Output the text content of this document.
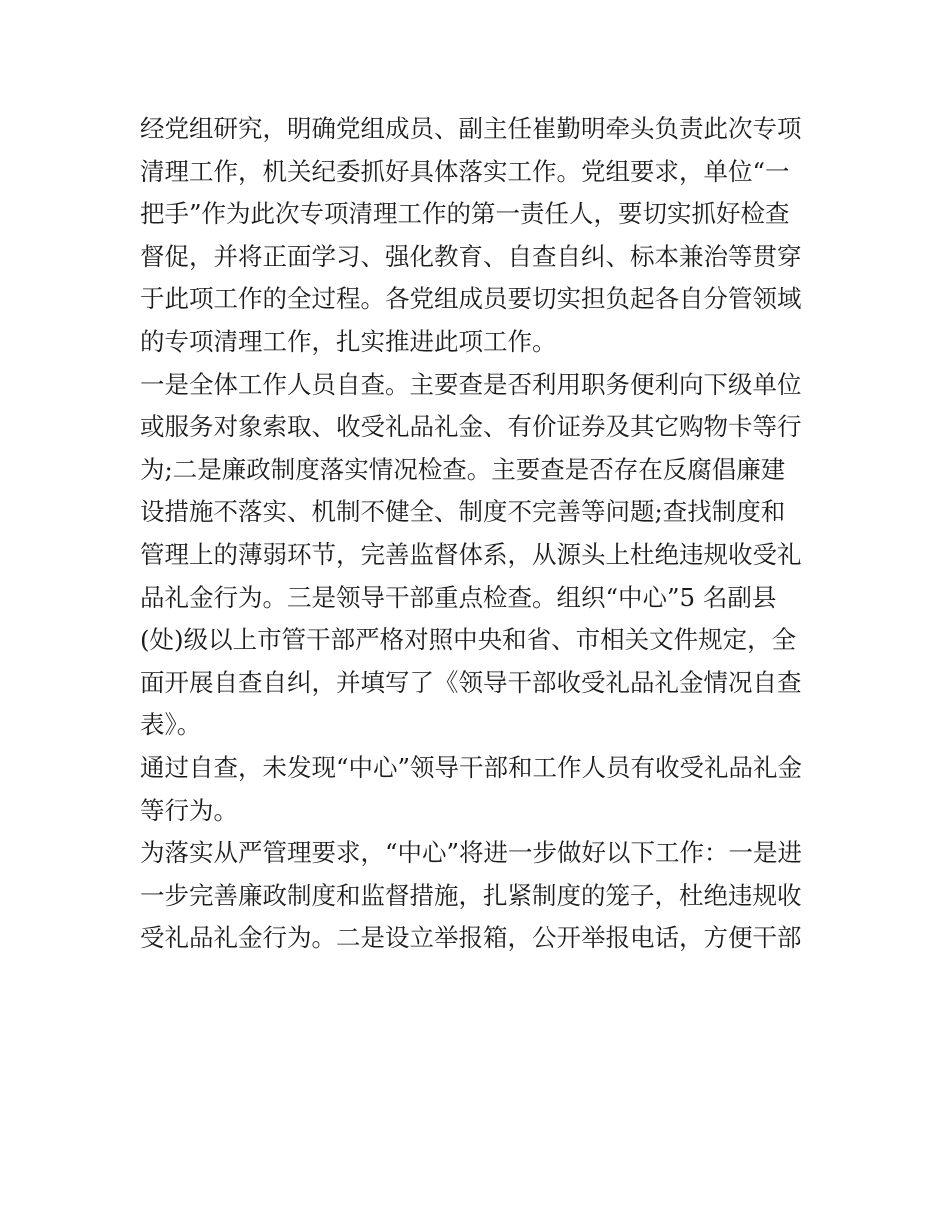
经党组研究，明确党组成员、副主任崔勤明牵头负责此次专项
清理工作，机关纪委抓好具体落实工作。党组要求，单位“一
把手”作为此次专项清理工作的第一责任人，要切实抓好检查
督促，并将正面学习、强化教育、自查自纠、标本兼治等贯穿
于此项工作的全过程。各党组成员要切实担负起各自分管领域
的专项清理工作，扎实推进此项工作。
一是全体工作人员自查。主要查是否利用职务便利向下级单位
或服务对象索取、收受礼品礼金、有价证券及其它购物卡等行
为;二是廉政制度落实情况检查。主要查是否存在反腐倡廉建
设措施不落实、机制不健全、制度不完善等问题;查找制度和
管理上的薄弱环节，完善监督体系，从源头上杜绝违规收受礼
品礼金行为。三是领导干部重点检查。组织“中心”5 名副县
(处)级以上市管干部严格对照中央和省、市相关文件规定，全
面开展自查自纠，并填写了《领导干部收受礼品礼金情况自查
表》。
通过自查，未发现“中心”领导干部和工作人员有收受礼品礼金
等行为。
为落实从严管理要求，“中心”将进一步做好以下工作：一是进
一步完善廉政制度和监督措施，扎紧制度的笼子，杜绝违规收
受礼品礼金行为。二是设立举报箱，公开举报电话，方便干部
